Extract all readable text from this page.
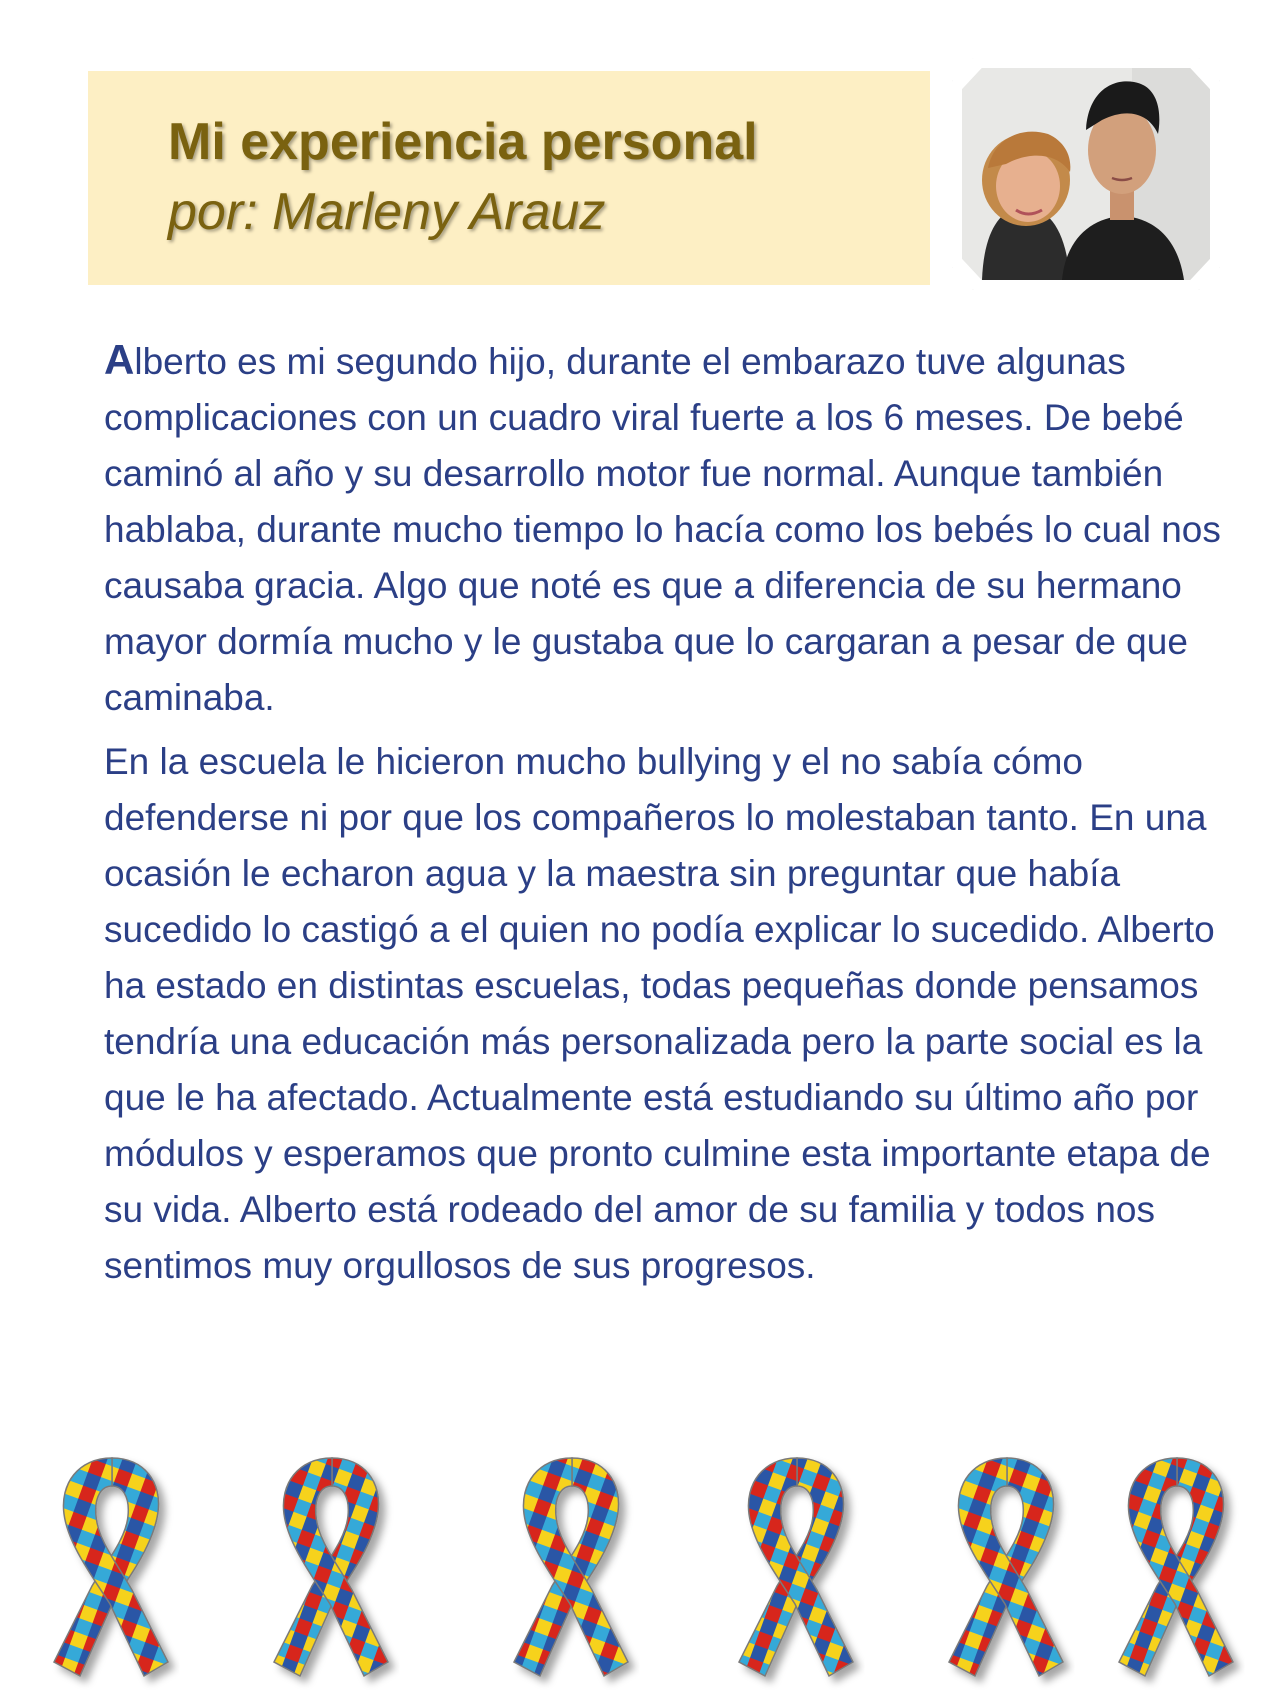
Mi experiencia personal
por: Marleny Arauz

Alberto es mi segundo hijo, durante el embarazo tuve algunas complicaciones con un cuadro viral fuerte a los 6 meses. De bebé caminó al año y su desarrollo motor fue normal. Aunque también hablaba, durante mucho tiempo lo hacía como los bebés lo cual nos causaba gracia. Algo que noté es que a diferencia de su hermano mayor dormía mucho y le gustaba que lo cargaran a pesar de que caminaba.

En la escuela le hicieron mucho bullying y el no sabía cómo defenderse ni por que los compañeros lo molestaban tanto. En una ocasión le echaron agua y la maestra sin preguntar que había sucedido lo castigó a el quien no podía explicar lo sucedido. Alberto ha estado en distintas escuelas, todas pequeñas donde pensamos tendría una educación más personalizada pero la parte social es la que le ha afectado. Actualmente está estudiando su último año por módulos y esperamos que pronto culmine esta importante etapa de su vida. Alberto está rodeado del amor de su familia y todos nos sentimos muy orgullosos de sus progresos.
